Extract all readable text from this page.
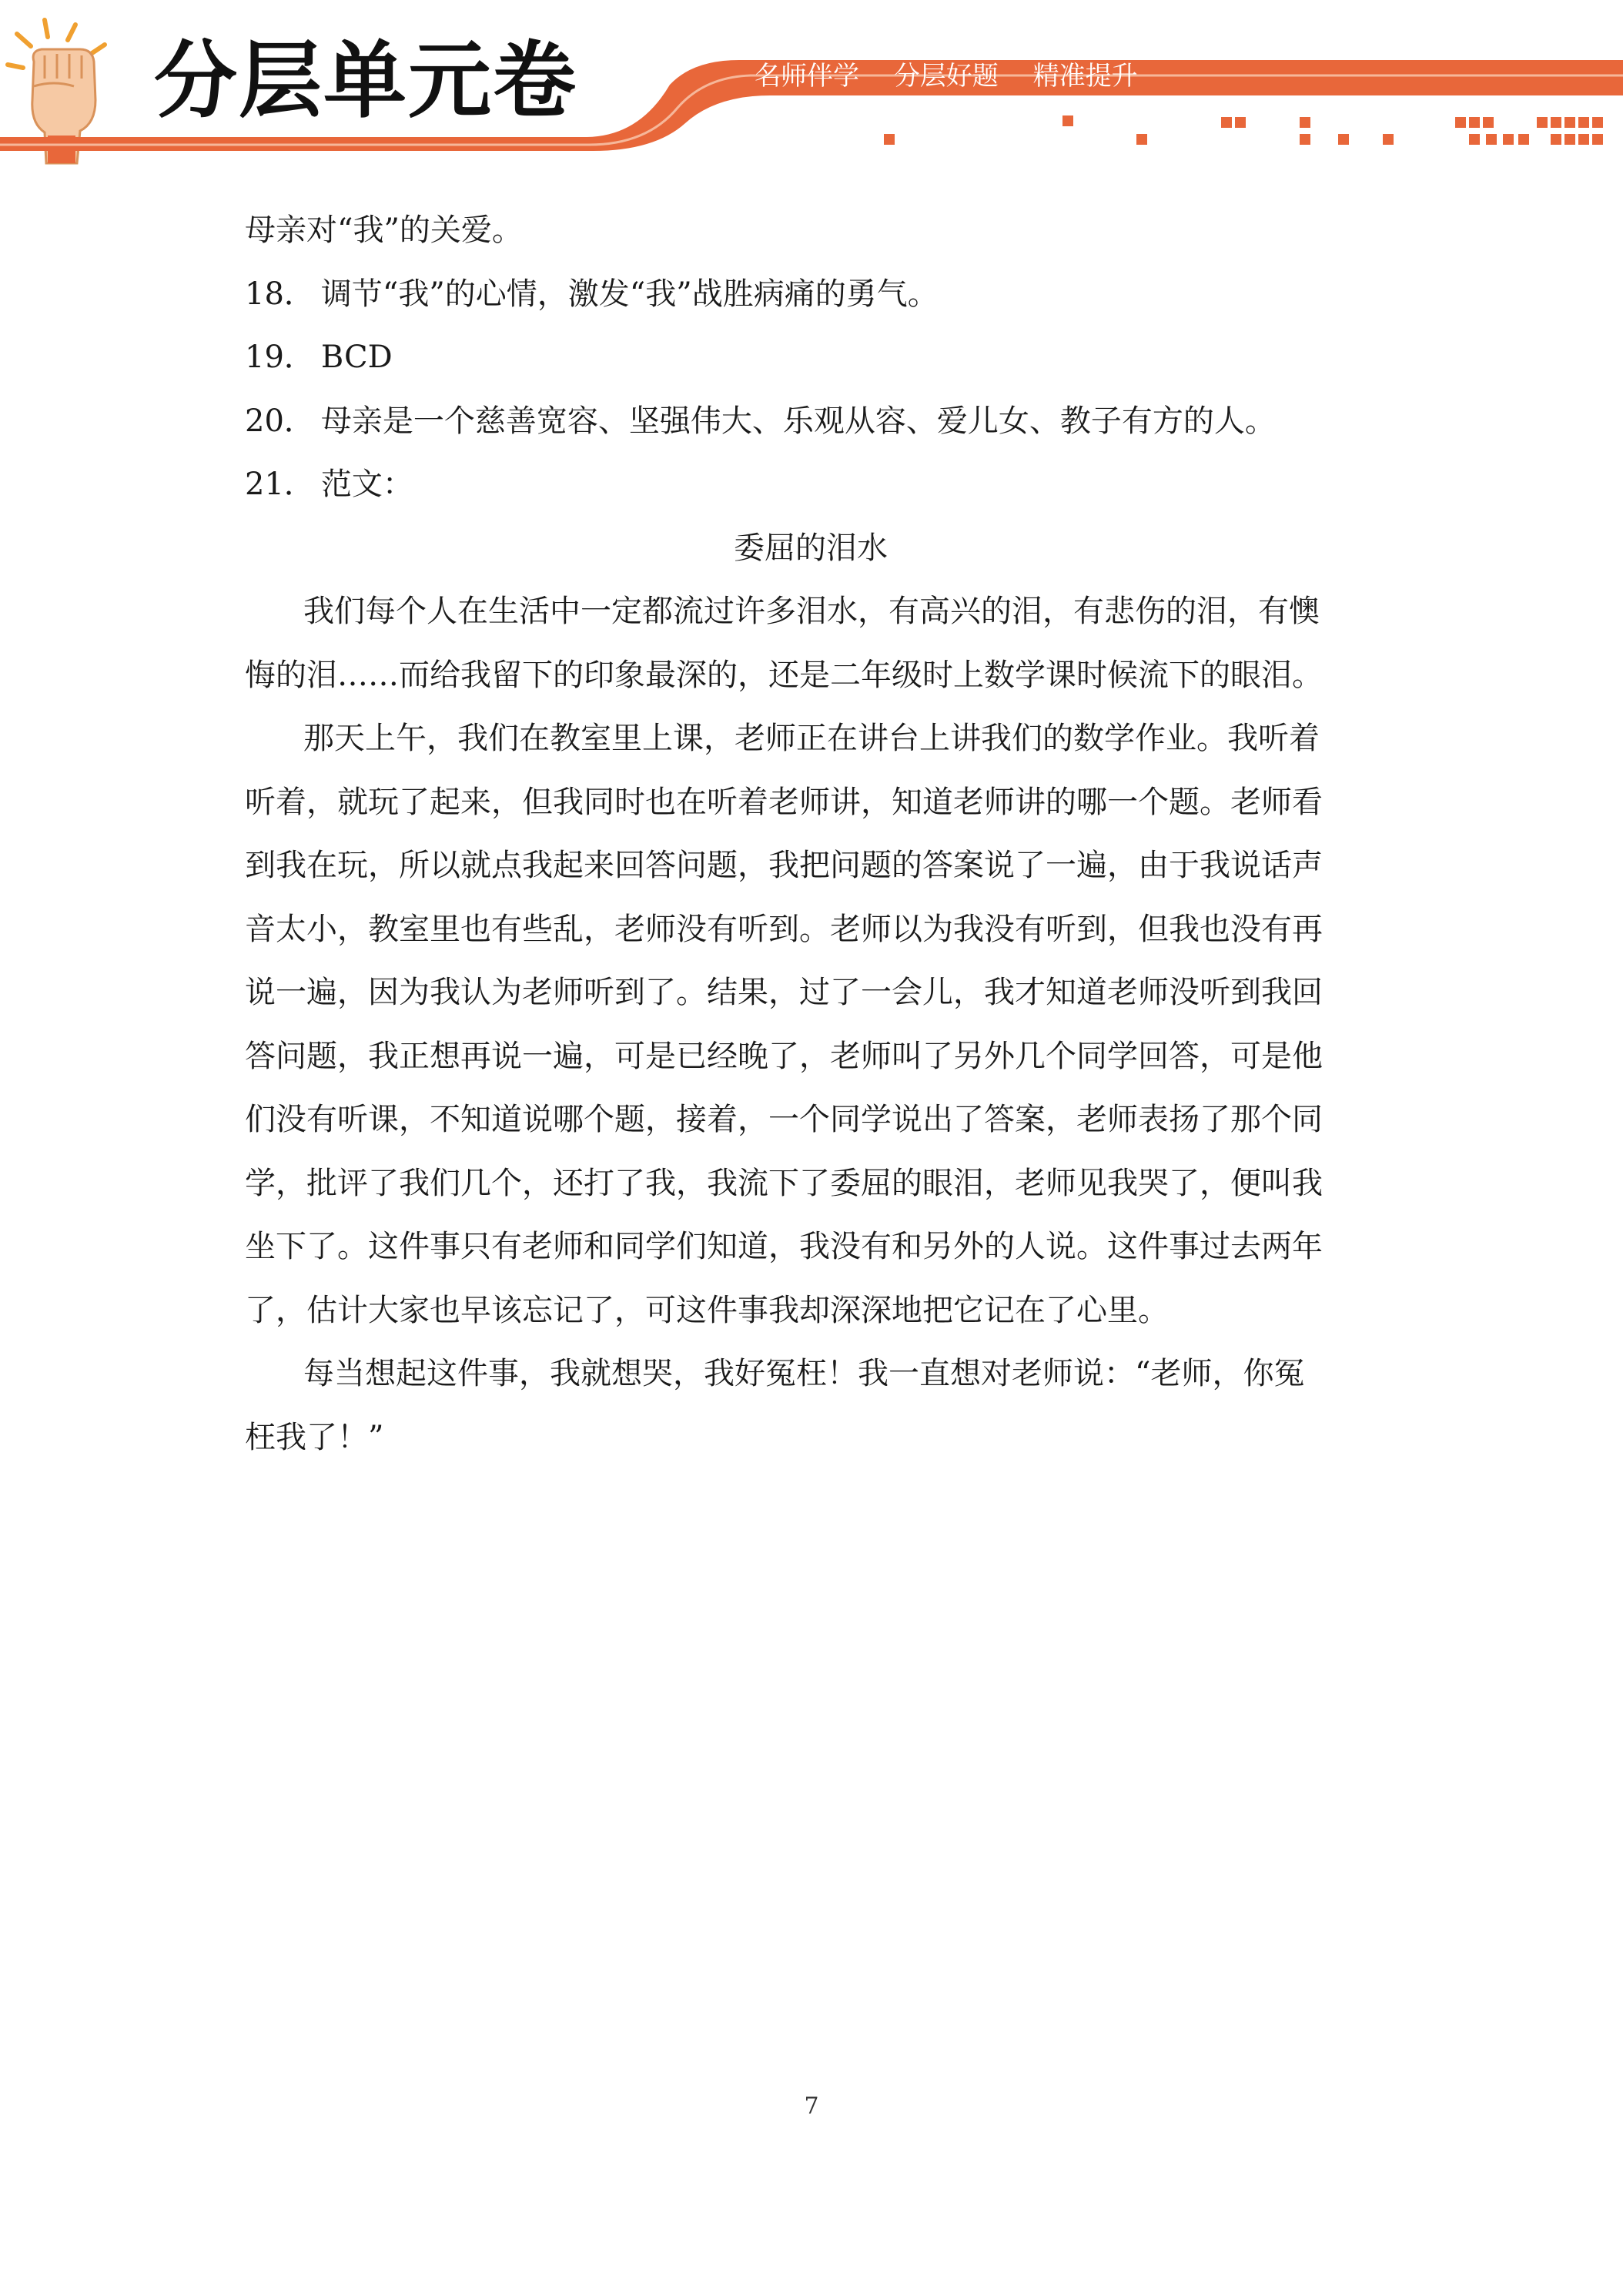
分层单元卷	名师伴学 分层好题 精准提升
母亲对“我”的关爱。
18． 调节“我”的心情，激发“我”战胜病痛的勇气。
19． BCD
20． 母亲是一个慈善宽容、坚强伟大、乐观从容、爱儿女、教子有方的人。
21． 范文：
委屈的泪水
我们每个人在生活中一定都流过许多泪水，有高兴的泪，有悲伤的泪，有懊
悔的泪……而给我留下的印象最深的，还是二年级时上数学课时候流下的眼泪。
那天上午，我们在教室里上课，老师正在讲台上讲我们的数学作业。我听着
听着，就玩了起来，但我同时也在听着老师讲，知道老师讲的哪一个题。老师看
到我在玩，所以就点我起来回答问题，我把问题的答案说了一遍，由于我说话声
音太小，教室里也有些乱，老师没有听到。老师以为我没有听到，但我也没有再
说一遍，因为我认为老师听到了。结果，过了一会儿，我才知道老师没听到我回
答问题，我正想再说一遍，可是已经晚了，老师叫了另外几个同学回答，可是他
们没有听课，不知道说哪个题，接着，一个同学说出了答案，老师表扬了那个同
学，批评了我们几个，还打了我，我流下了委屈的眼泪，老师见我哭了，便叫我
坐下了。这件事只有老师和同学们知道，我没有和另外的人说。这件事过去两年
了，估计大家也早该忘记了，可这件事我却深深地把它记在了心里。
每当想起这件事，我就想哭，我好冤枉！我一直想对老师说：“老师，你冤
枉我了！”
7
